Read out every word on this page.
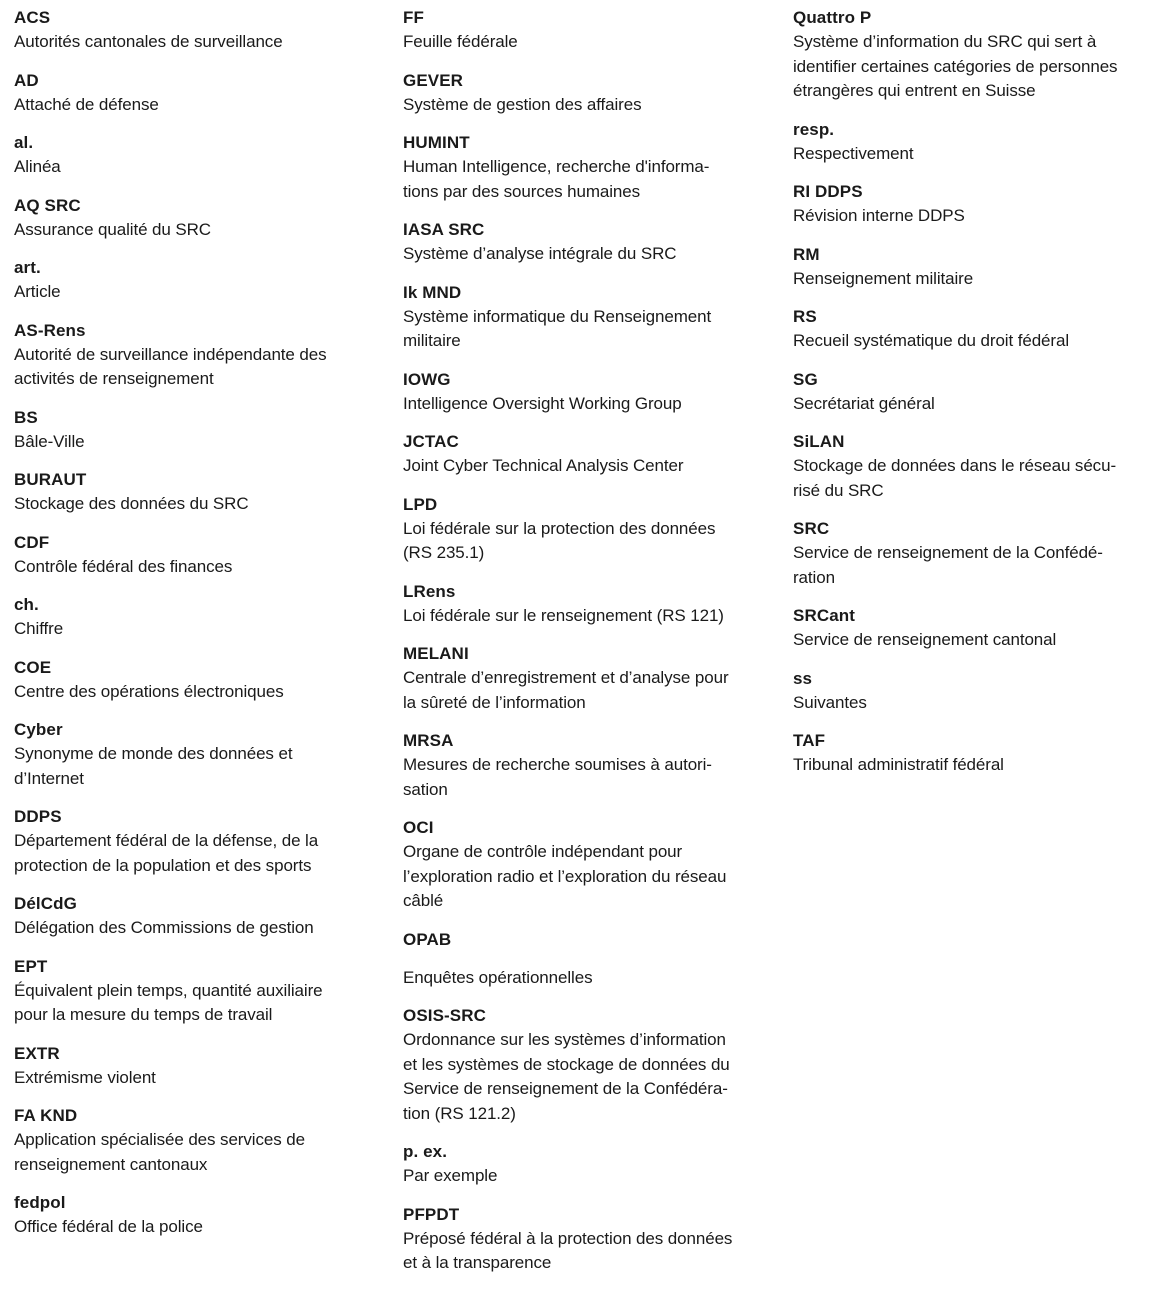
ACS
Autorités cantonales de surveillance
AD
Attaché de défense
al.
Alinéa
AQ SRC
Assurance qualité du SRC
art.
Article
AS-Rens
Autorité de surveillance indépendante des
activités de renseignement
BS
Bâle-Ville
BURAUT
Stockage des données du SRC
CDF
Contrôle fédéral des finances
ch.
Chiffre
COE
Centre des opérations électroniques
Cyber
Synonyme de monde des données et
d’Internet
DDPS
Département fédéral de la défense, de la
protection de la population et des sports
DélCdG
Délégation des Commissions de gestion
EPT
Équivalent plein temps, quantité auxiliaire
pour la mesure du temps de travail
EXTR
Extrémisme violent
FA KND
Application spécialisée des services de
renseignement cantonaux
fedpol
Office fédéral de la police
FF
Feuille fédérale
GEVER
Système de gestion des affaires
HUMINT
Human Intelligence, recherche d'informa-
tions par des sources humaines
IASA SRC
Système d’analyse intégrale du SRC
Ik MND
Système informatique du Renseignement
militaire
IOWG
Intelligence Oversight Working Group
JCTAC
Joint Cyber Technical Analysis Center
LPD
Loi fédérale sur la protection des données
(RS 235.1)
LRens
Loi fédérale sur le renseignement (RS 121)
MELANI
Centrale d’enregistrement et d’analyse pour
la sûreté de l’information
MRSA
Mesures de recherche soumises à autori-
sation
OCI
Organe de contrôle indépendant pour
l’exploration radio et l’exploration du réseau
câblé
OPAB
Enquêtes opérationnelles
OSIS-SRC
Ordonnance sur les systèmes d’information
et les systèmes de stockage de données du
Service de renseignement de la Confédéra-
tion (RS 121.2)
p. ex.
Par exemple
PFPDT
Préposé fédéral à la protection des données
et à la transparence
Quattro P
Système d’information du SRC qui sert à
identifier certaines catégories de personnes
étrangères qui entrent en Suisse
resp.
Respectivement
RI DDPS
Révision interne DDPS
RM
Renseignement militaire
RS
Recueil systématique du droit fédéral
SG
Secrétariat général
SiLAN
Stockage de données dans le réseau sécu-
risé du SRC
SRC
Service de renseignement de la Confédé-
ration
SRCant
Service de renseignement cantonal
ss
Suivantes
TAF
Tribunal administratif fédéral
